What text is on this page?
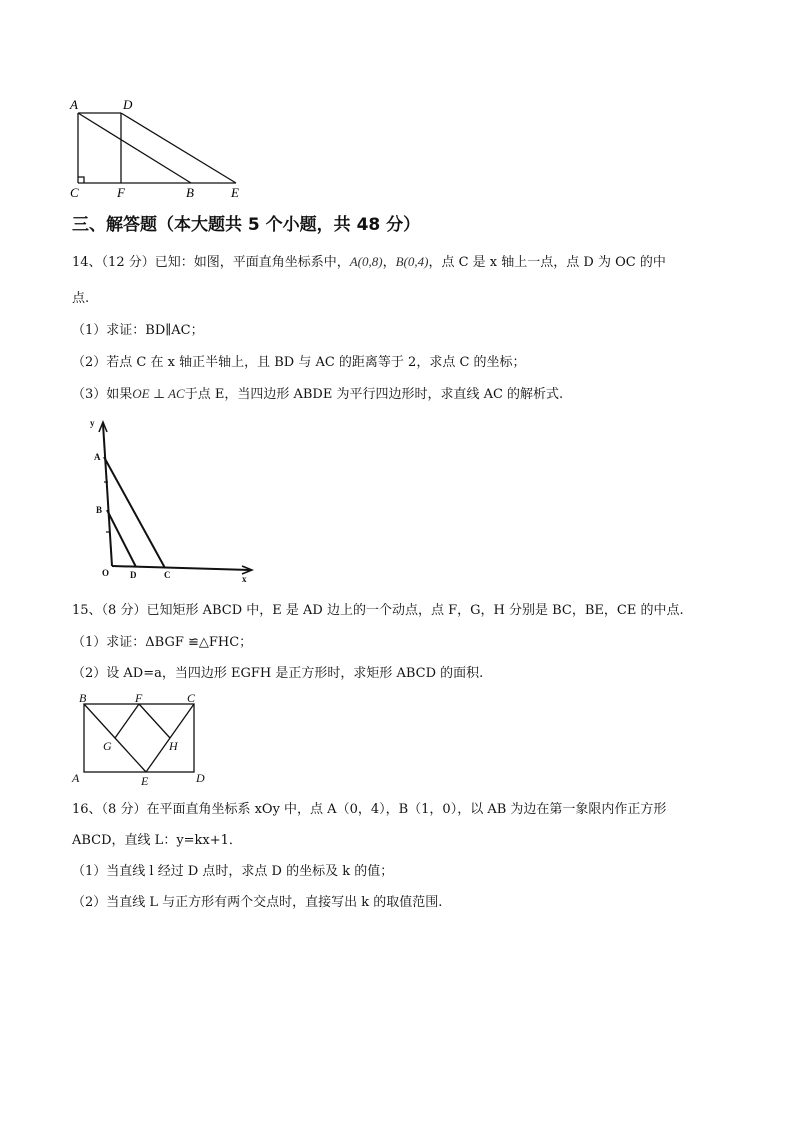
A	D
C	F	B	E
三、解答题（本大题共 5 个小题，共 48 分）
14、（12 分）已知：如图，平面直角坐标系中，A(0,8)，B(0,4)，点 C 是 x 轴上一点，点 D 为 OC 的中
点.
（1）求证：BD∥AC；
（2）若点 C 在 x 轴正半轴上，且 BD 与 AC 的距离等于 2，求点 C 的坐标；
（3）如果OE ⊥ AC于点 E，当四边形 ABDE 为平行四边形时，求直线 AC 的解析式.
y
A
B
O D	C	x
15、（8 分）已知矩形 ABCD 中，E 是 AD 边上的一个动点，点 F，G，H 分别是 BC，BE，CE 的中点.
（1）求证：ΔBGF ≌△FHC；
（2）设 AD=a，当四边形 EGFH 是正方形时，求矩形 ABCD 的面积.
B	F	C
G	H
A	E	D
16、（8 分）在平面直角坐标系 xOy 中，点 A（0，4），B（1，0），以 AB 为边在第一象限内作正方形
ABCD，直线 L：y=kx+1．
（1）当直线 l 经过 D 点时，求点 D 的坐标及 k 的值；
（2）当直线 L 与正方形有两个交点时，直接写出 k 的取值范围.
